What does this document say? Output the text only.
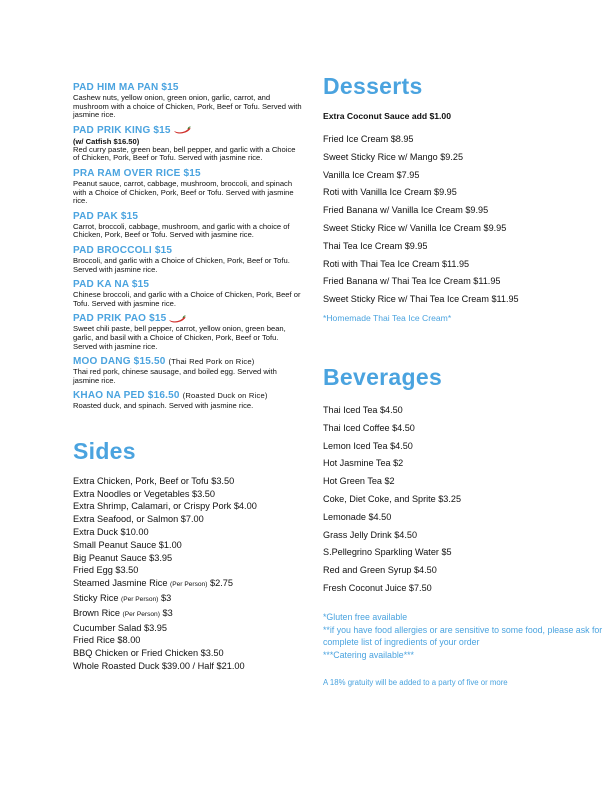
PAD HIM MA PAN $15
Cashew nuts, yellow onion, green onion, garlic, carrot, and mushroom with a choice of Chicken, Pork, Beef or Tofu. Served with jasmine rice.
PAD PRIK KING $15
(w/ Catfish $16.50)
Red curry paste, green bean, bell pepper, and garlic with a Choice of Chicken, Pork, Beef or Tofu. Served with jasmine rice.
PRA RAM OVER RICE $15
Peanut sauce, carrot, cabbage, mushroom, broccoli, and spinach with a Choice of Chicken, Pork, Beef or Tofu. Served with jasmine rice.
PAD PAK $15
Carrot, broccoli, cabbage, mushroom, and garlic with a choice of Chicken, Pork, Beef or Tofu. Served with jasmine rice.
PAD BROCCOLI $15
Broccoli, and garlic with a Choice of Chicken, Pork, Beef or Tofu. Served with jasmine rice.
PAD KA NA $15
Chinese broccoli, and garlic with a Choice of Chicken, Pork, Beef or Tofu. Served with jasmine rice.
PAD PRIK PAO $15
Sweet chili paste, bell pepper, carrot, yellow onion, green bean, garlic, and basil with a Choice of Chicken, Pork, Beef or Tofu. Served with jasmine rice.
MOO DANG $15.50 (Thai Red Pork on Rice)
Thai red pork, chinese sausage, and boiled egg. Served with jasmine rice.
KHAO NA PED $16.50 (Roasted Duck on Rice)
Roasted duck, and spinach. Served with jasmine rice.
Sides
Extra Chicken, Pork, Beef or Tofu $3.50
Extra Noodles or Vegetables $3.50
Extra Shrimp, Calamari, or Crispy Pork $4.00
Extra Seafood, or Salmon $7.00
Extra Duck $10.00
Small Peanut Sauce $1.00
Big Peanut Sauce $3.95
Fried Egg $3.50
Steamed Jasmine Rice (Per Person) $2.75
Sticky Rice (Per Person) $3
Brown Rice (Per Person) $3
Cucumber Salad $3.95
Fried Rice $8.00
BBQ Chicken or Fried Chicken $3.50
Whole Roasted Duck $39.00 / Half $21.00
Desserts
Extra Coconut Sauce add $1.00
Fried Ice Cream $8.95
Sweet Sticky Rice w/ Mango $9.25
Vanilla Ice Cream $7.95
Roti with Vanilla Ice Cream $9.95
Fried Banana w/ Vanilla Ice Cream $9.95
Sweet Sticky Rice w/ Vanilla Ice Cream $9.95
Thai Tea Ice Cream $9.95
Roti with Thai Tea Ice Cream $11.95
Fried Banana w/ Thai Tea Ice Cream $11.95
Sweet Sticky Rice w/ Thai Tea Ice Cream $11.95
*Homemade Thai Tea Ice Cream*
Beverages
Thai Iced Tea $4.50
Thai Iced Coffee $4.50
Lemon Iced Tea $4.50
Hot Jasmine Tea $2
Hot Green Tea $2
Coke, Diet Coke, and Sprite $3.25
Lemonade $4.50
Grass Jelly Drink $4.50
S.Pellegrino Sparkling Water $5
Red and Green Syrup $4.50
Fresh Coconut Juice $7.50
*Gluten free available
**if you have food allergies or are sensitive to some food, please ask for complete list of ingredients of your order
***Catering available***
A 18% gratuity will be added to a party of five or more
